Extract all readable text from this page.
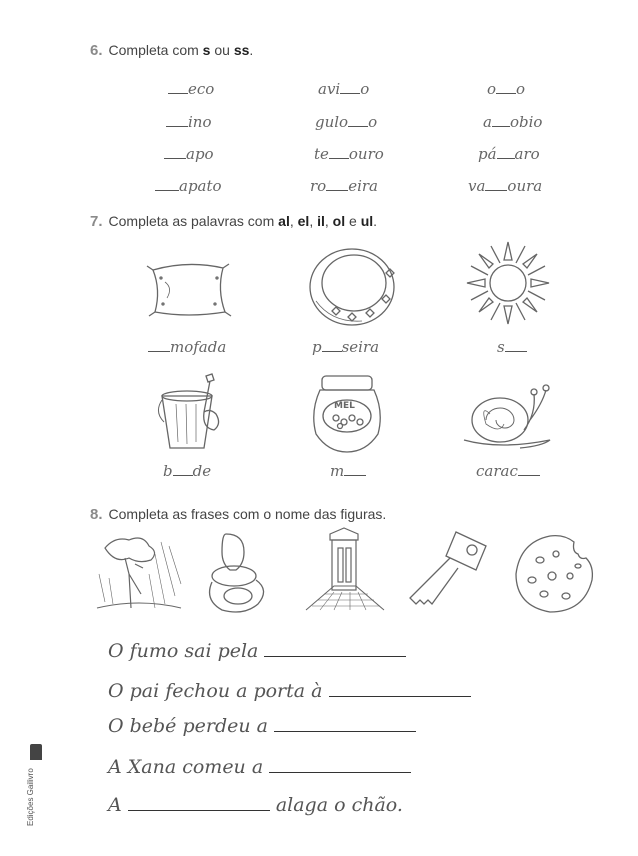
6. Completa com s ou ss.
eco	avi o	o o
ino	gulo o	a obio
apo	te ouro	pá aro
apato	ro eira	va oura
7. Completa as palavras com al, el, il, ol e ul.
mofada	p seira	s
MEL
b de	m	carac
8. Completa as frases com o nome das figuras.
O fumo sai pela
O pai fechou a porta à
O bebé perdeu a
A Xana comeu a
A	alaga o chão.
Edições Gailivro
